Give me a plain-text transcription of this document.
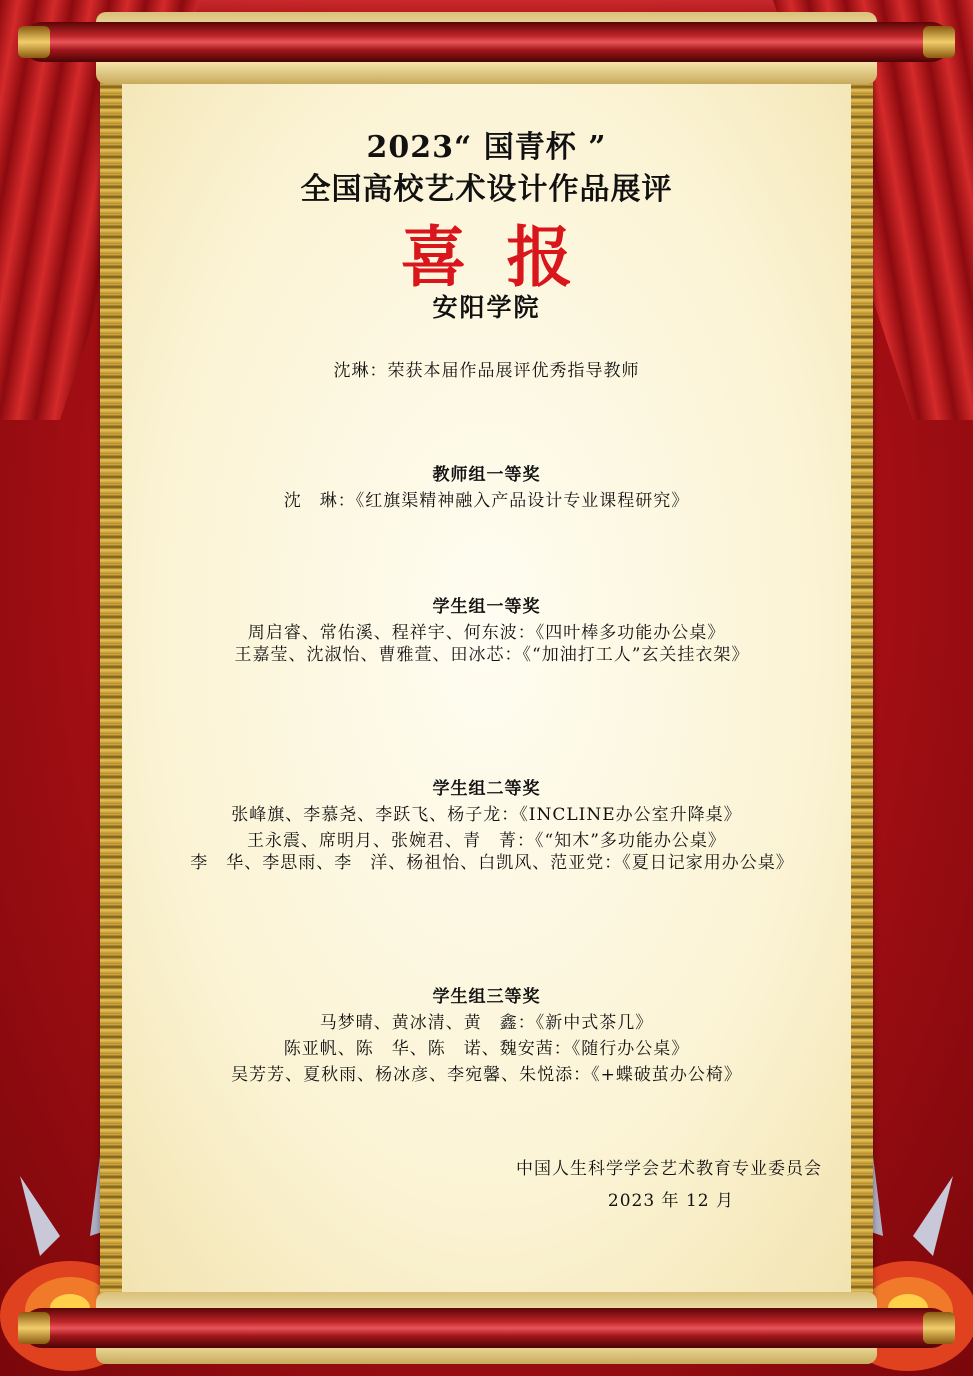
2023“ 国青杯 ”
全国高校艺术设计作品展评
喜报
安阳学院
沈琳：荣获本届作品展评优秀指导教师
教师组一等奖
沈　琳：《红旗渠精神融入产品设计专业课程研究》
学生组一等奖
周启睿、常佑溪、程祥宇、何东波：《四叶棒多功能办公桌》
王嘉莹、沈淑怡、曹雅萱、田冰芯：《“加油打工人”玄关挂衣架》
学生组二等奖
张峰旗、李慕尧、李跃飞、杨子龙：《INCLINE办公室升降桌》
王永震、席明月、张婉君、青　菁：《“知木”多功能办公桌》
李　华、李思雨、李　洋、杨祖怡、白凯风、范亚党：《夏日记家用办公桌》
学生组三等奖
马梦晴、黄冰清、黄　鑫：《新中式茶几》
陈亚帆、陈　华、陈　诺、魏安茜：《随行办公桌》
吴芳芳、夏秋雨、杨冰彦、李宛馨、朱悦添：《+蝶破茧办公椅》
中国人生科学学会艺术教育专业委员会
2023 年 12 月
